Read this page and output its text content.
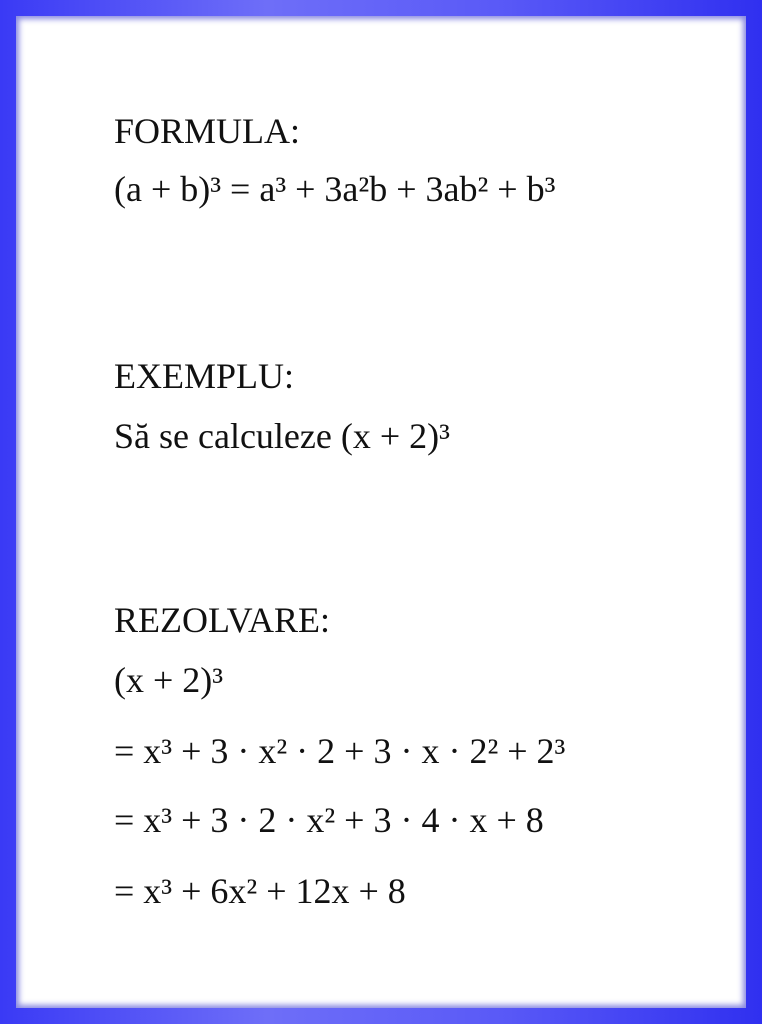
FORMULA:
(a + b)³ = a³ + 3a²b + 3ab² + b³
EXEMPLU:
Să se calculeze (x + 2)³
REZOLVARE:
(x + 2)³
= x³ + 3 · x² · 2 + 3 · x · 2² + 2³
= x³ + 3 · 2 · x² + 3 · 4 · x + 8
= x³ + 6x² + 12x + 8
